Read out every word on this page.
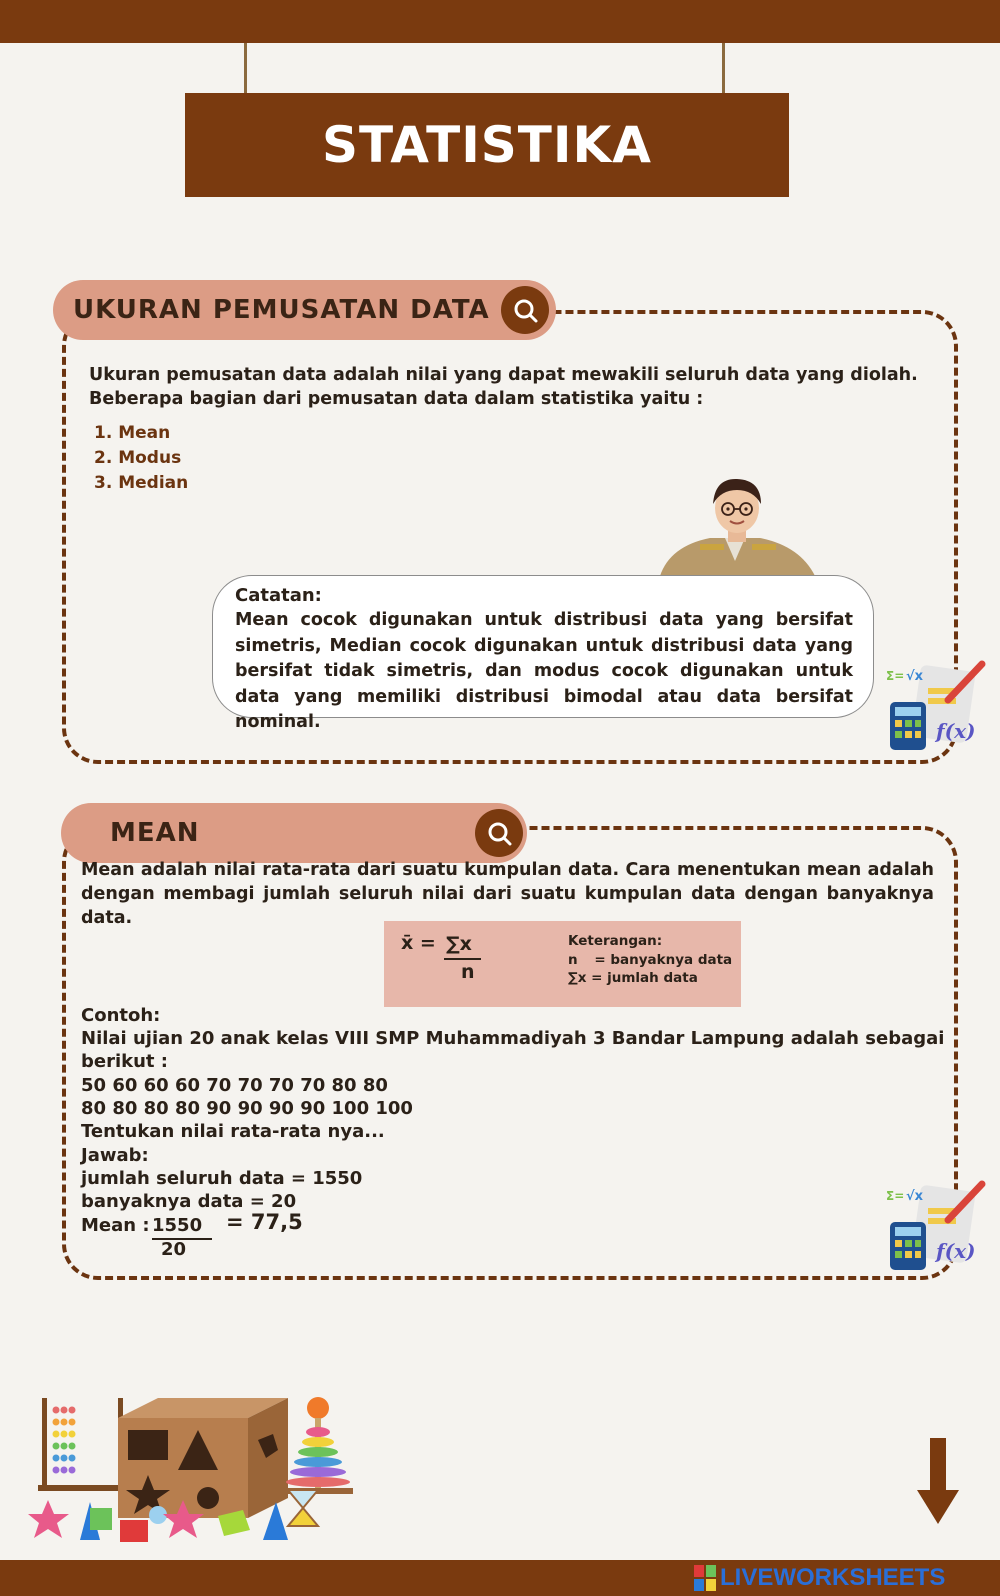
STATISTIKA
UKURAN PEMUSATAN DATA
Ukuran pemusatan data adalah nilai yang dapat mewakili seluruh data yang diolah.
Beberapa bagian dari pemusatan data dalam statistika yaitu :
1. Mean
2. Modus
3. Median
Catatan:
Mean cocok digunakan untuk distribusi data yang bersifat simetris, Median cocok digunakan untuk distribusi data yang bersifat tidak simetris, dan modus cocok digunakan untuk data yang memiliki distribusi bimodal atau data bersifat nominal.
Σ= √x
f(x)
MEAN
Mean adalah nilai rata-rata dari suatu kumpulan data. Cara menentukan mean adalah dengan membagi jumlah seluruh nilai dari suatu kumpulan data dengan banyaknya data.
x̄ = ∑x
n
Keterangan:
n = banyaknya data
∑x = jumlah data
Contoh:
Nilai ujian 20 anak kelas VIII SMP Muhammadiyah 3 Bandar Lampung adalah sebagai
berikut :
50 60 60 60 70 70 70 70 80 80
80 80 80 80 90 90 90 90 100 100
Tentukan nilai rata-rata nya...
Jawab:
jumlah seluruh data = 1550
banyaknya data = 20
Mean : 1550
20
= 77,5
Σ= √x
f(x)
LIVEWORKSHEETS
